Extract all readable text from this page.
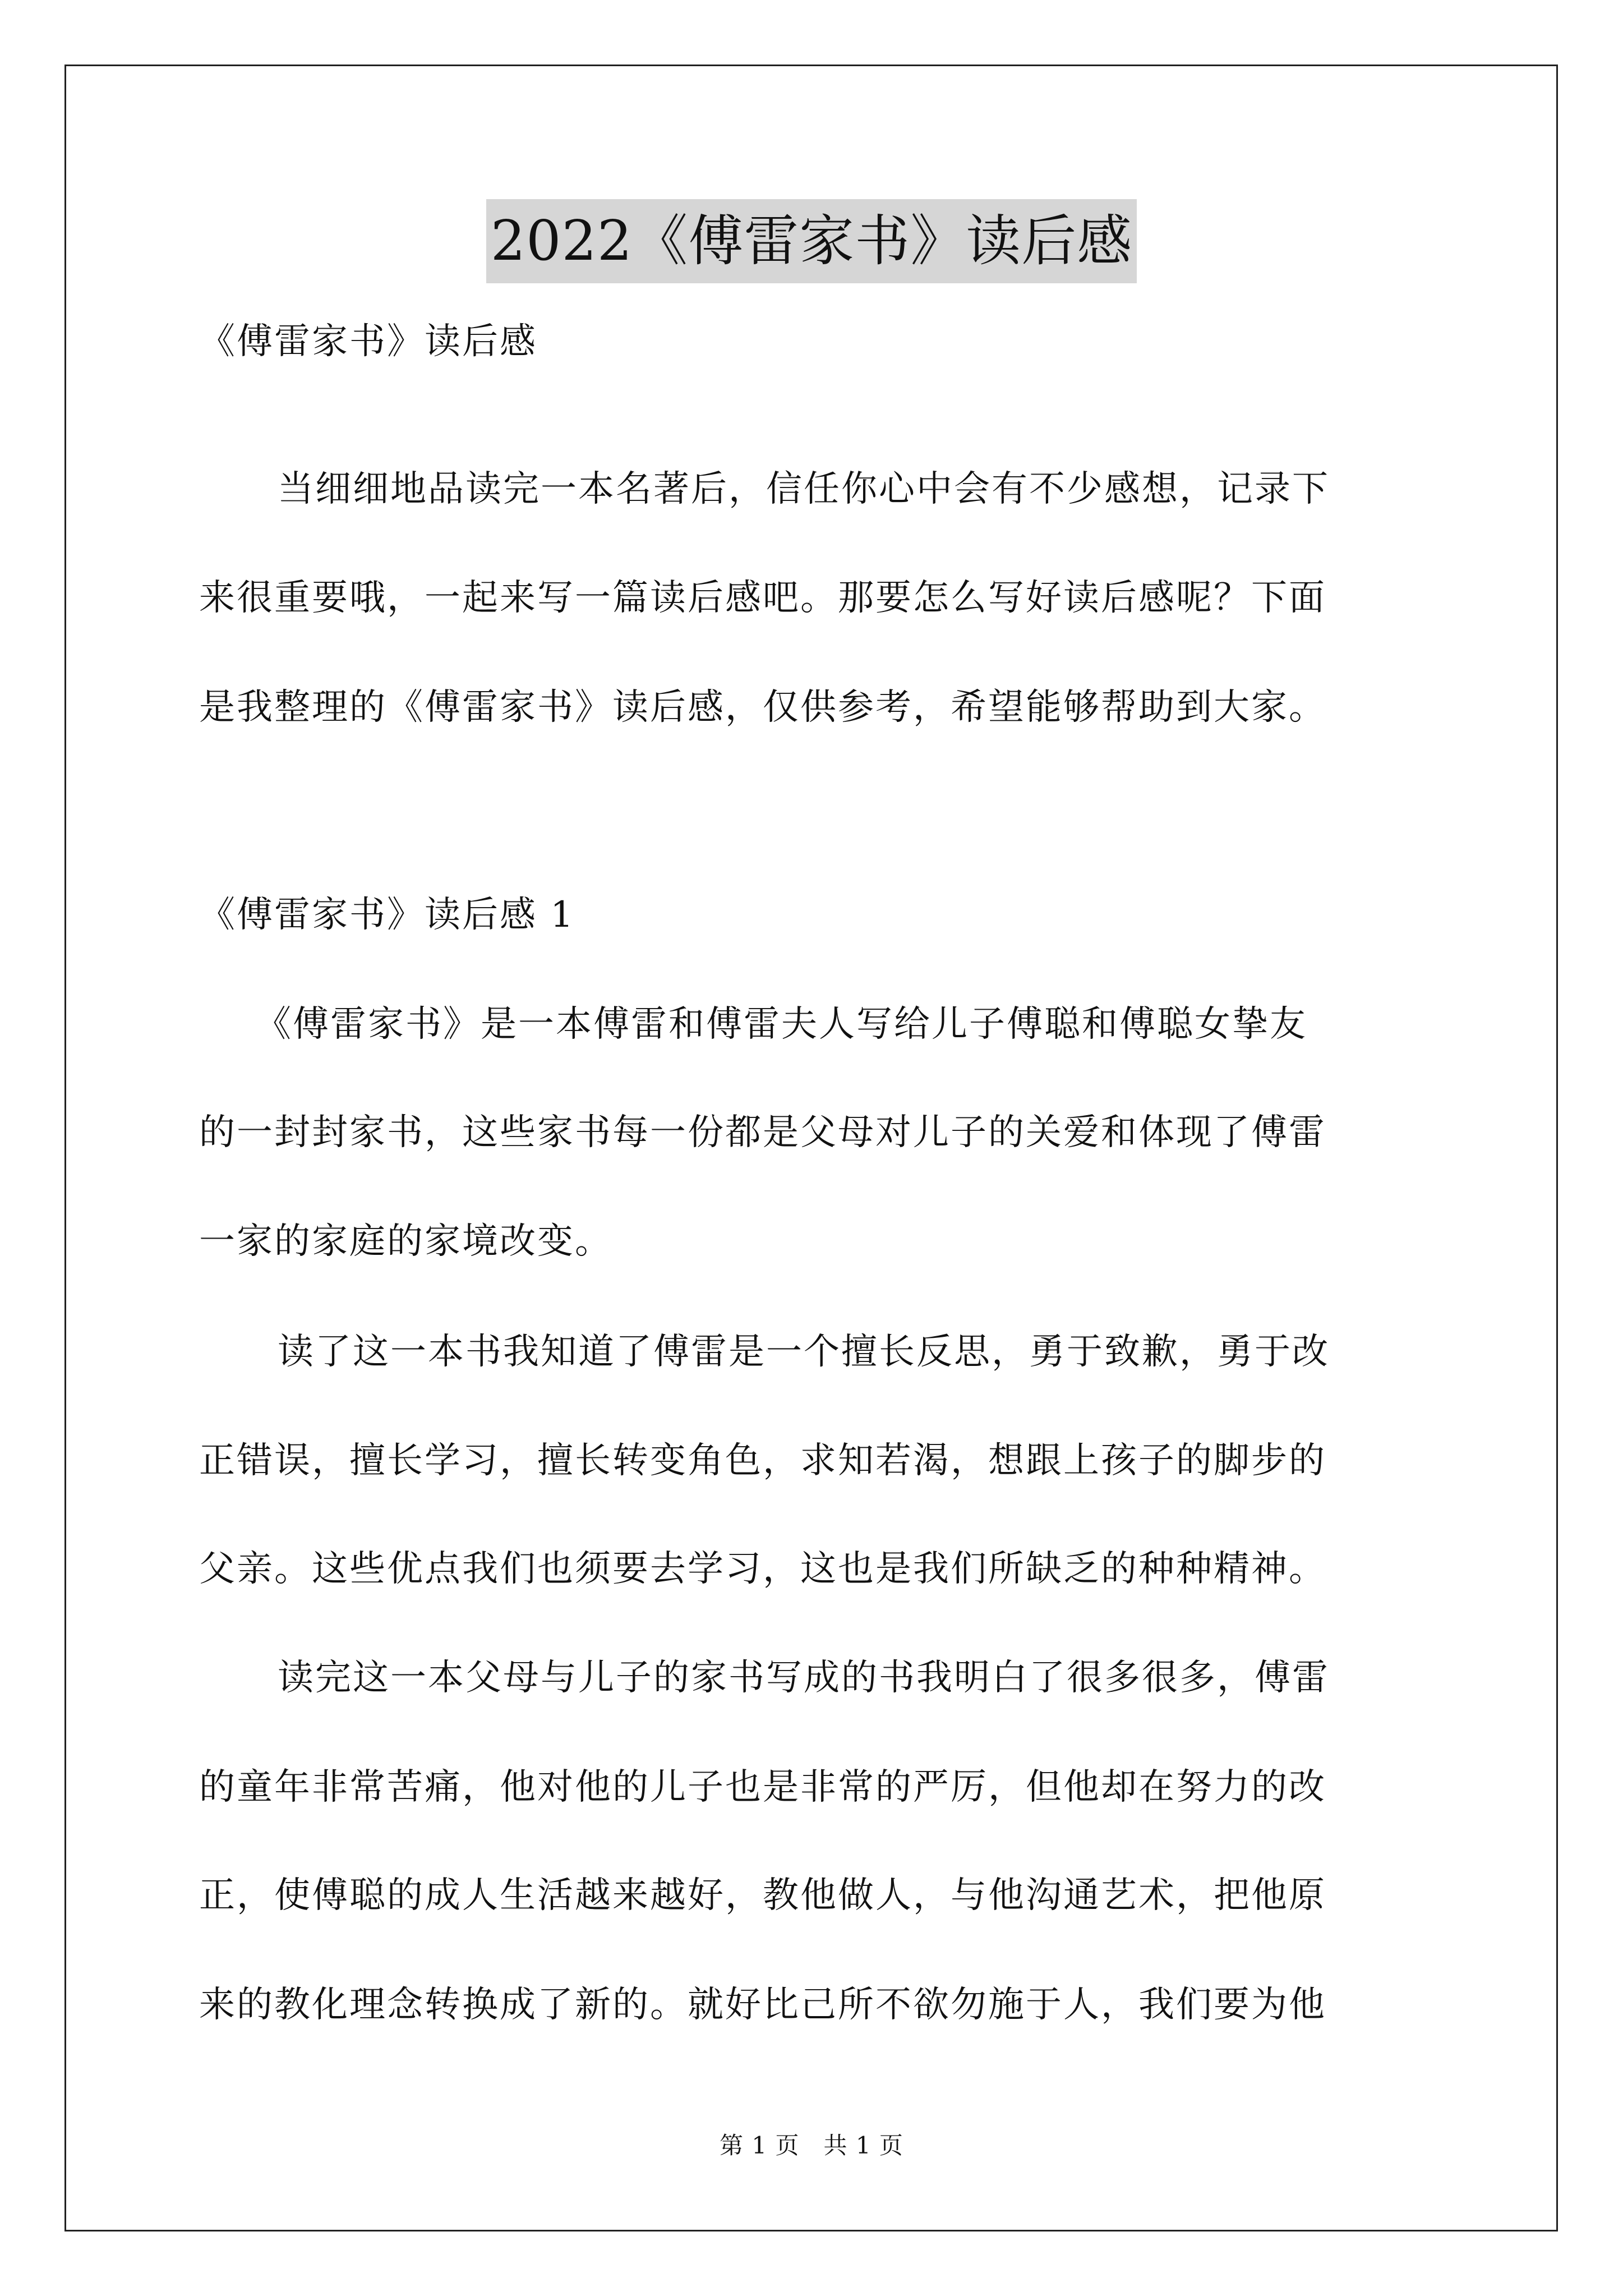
2022《傅雷家书》读后感
《傅雷家书》读后感
当细细地品读完一本名著后，信任你心中会有不少感想，记录下
来很重要哦，一起来写一篇读后感吧。那要怎么写好读后感呢？下面
是我整理的《傅雷家书》读后感，仅供参考，希望能够帮助到大家。
《傅雷家书》读后感 1
《傅雷家书》是一本傅雷和傅雷夫人写给儿子傅聪和傅聪女挚友
的一封封家书，这些家书每一份都是父母对儿子的关爱和体现了傅雷
一家的家庭的家境改变。
读了这一本书我知道了傅雷是一个擅长反思，勇于致歉，勇于改
正错误，擅长学习，擅长转变角色，求知若渴，想跟上孩子的脚步的
父亲。这些优点我们也须要去学习，这也是我们所缺乏的种种精神。
读完这一本父母与儿子的家书写成的书我明白了很多很多，傅雷
的童年非常苦痛，他对他的儿子也是非常的严厉，但他却在努力的改
正，使傅聪的成人生活越来越好，教他做人，与他沟通艺术，把他原
来的教化理念转换成了新的。就好比己所不欲勿施于人，我们要为他
第 1 页　共 1 页
